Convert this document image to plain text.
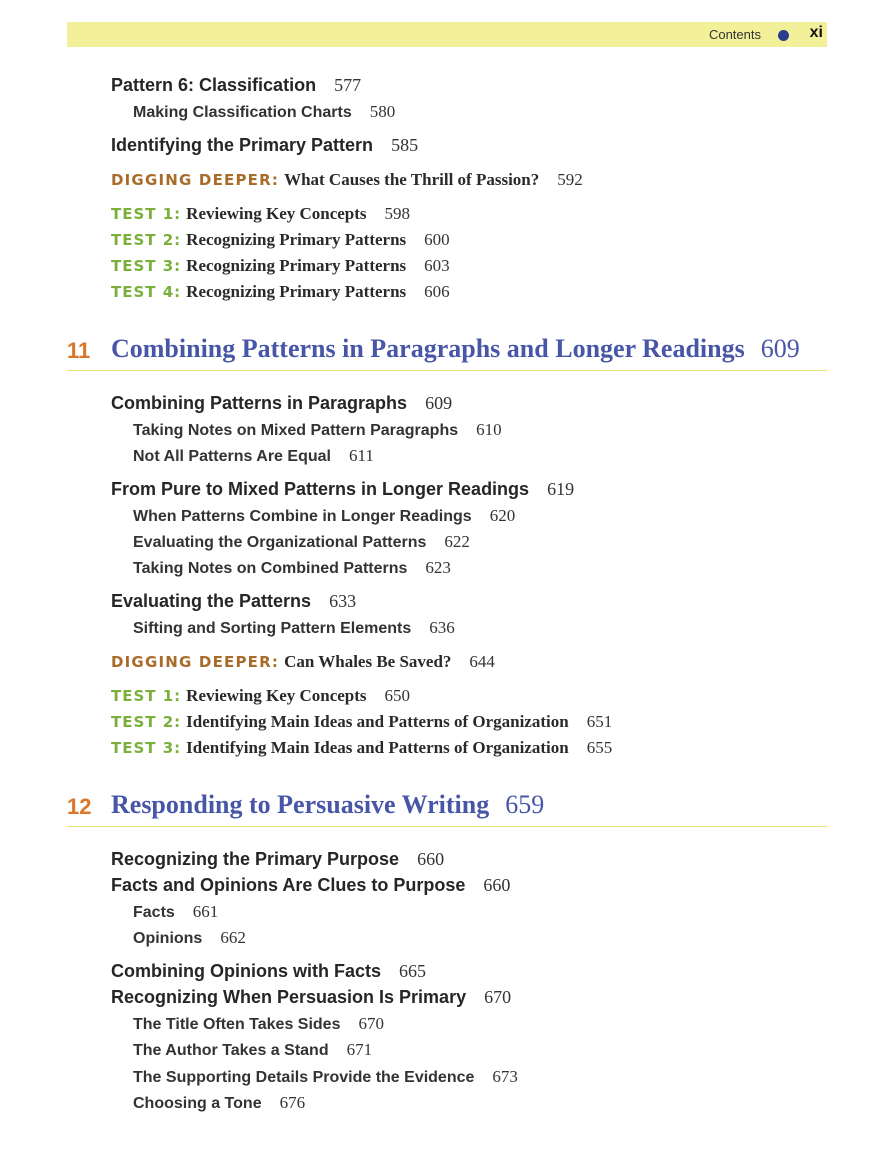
Contents	xi
Pattern 6: Classification 577
Making Classification Charts 580
Identifying the Primary Pattern 585
DIGGING DEEPER: What Causes the Thrill of Passion? 592
TEST 1: Reviewing Key Concepts 598
TEST 2: Recognizing Primary Patterns 600
TEST 3: Recognizing Primary Patterns 603
TEST 4: Recognizing Primary Patterns 606
11 Combining Patterns in Paragraphs and Longer Readings 609
Combining Patterns in Paragraphs 609
Taking Notes on Mixed Pattern Paragraphs 610
Not All Patterns Are Equal 611
From Pure to Mixed Patterns in Longer Readings 619
When Patterns Combine in Longer Readings 620
Evaluating the Organizational Patterns 622
Taking Notes on Combined Patterns 623
Evaluating the Patterns 633
Sifting and Sorting Pattern Elements 636
DIGGING DEEPER: Can Whales Be Saved? 644
TEST 1: Reviewing Key Concepts 650
TEST 2: Identifying Main Ideas and Patterns of Organization 651
TEST 3: Identifying Main Ideas and Patterns of Organization 655
12 Responding to Persuasive Writing 659
Recognizing the Primary Purpose 660
Facts and Opinions Are Clues to Purpose 660
Facts 661
Opinions 662
Combining Opinions with Facts 665
Recognizing When Persuasion Is Primary 670
The Title Often Takes Sides 670
The Author Takes a Stand 671
The Supporting Details Provide the Evidence 673
Choosing a Tone 676
